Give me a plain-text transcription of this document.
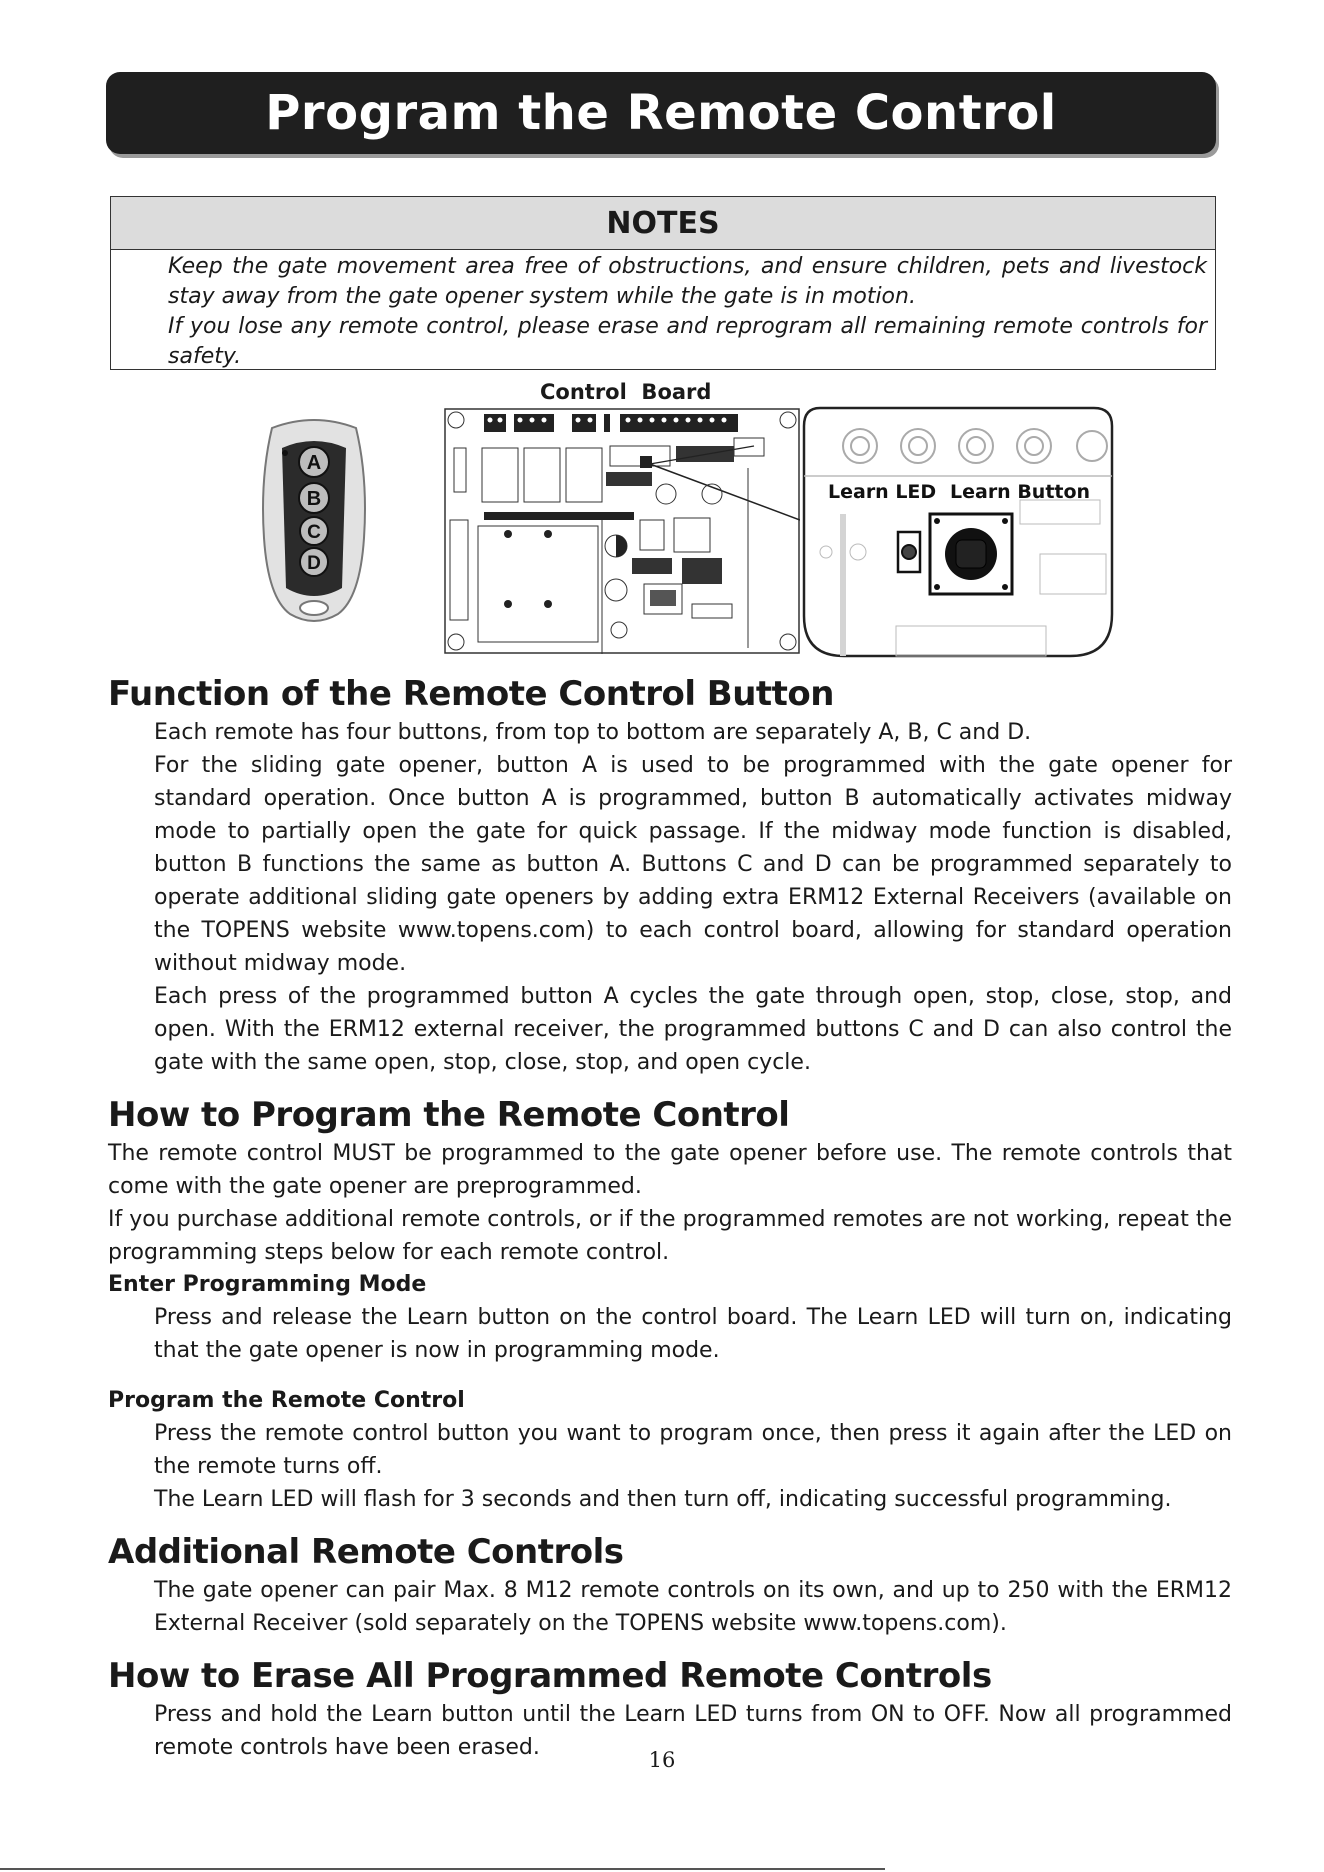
Program the Remote Control
NOTES

Keep the gate movement area free of obstructions, and ensure children, pets and livestock

stay away from the gate opener system while the gate is in motion.

If you lose any remote control, please erase and reprogram all remaining remote controls for

safety.

Control  Board
A
B
C
D
Learn LED Learn Button
Function of the Remote Control Button

Each remote has four buttons, from top to bottom are separately A, B, C and D.

For the sliding gate opener, button A is used to be programmed with the gate opener for standard operation. Once button A is programmed, button B automatically activates midway mode to partially open the gate for quick passage. If the midway mode function is disabled, button B functions the same as button A. Buttons C and D can be programmed separately to operate additional sliding gate openers by adding extra ERM12 External Receivers (available on the TOPENS website www.topens.com) to each control board, allowing for standard operation without midway mode.

Each press of the programmed button A cycles the gate through open, stop, close, stop, and open. With the ERM12 external receiver, the programmed buttons C and D can also control the gate with the same open, stop, close, stop, and open cycle.

How to Program the Remote Control

The remote control MUST be programmed to the gate opener before use. The remote controls that come with the gate opener are preprogrammed.

If you purchase additional remote controls, or if the programmed remotes are not working, repeat the programming steps below for each remote control.

Enter Programming Mode

Press and release the Learn button on the control board. The Learn LED will turn on, indicating that the gate opener is now in programming mode.

Program the Remote Control

Press the remote control button you want to program once, then press it again after the LED on the remote turns off.

The Learn LED will flash for 3 seconds and then turn off, indicating successful programming.

Additional Remote Controls

The gate opener can pair Max. 8 M12 remote controls on its own, and up to 250 with the ERM12 External Receiver (sold separately on the TOPENS website www.topens.com).

How to Erase All Programmed Remote Controls

Press and hold the Learn button until the Learn LED turns from ON to OFF. Now all programmed remote controls have been erased.	16
